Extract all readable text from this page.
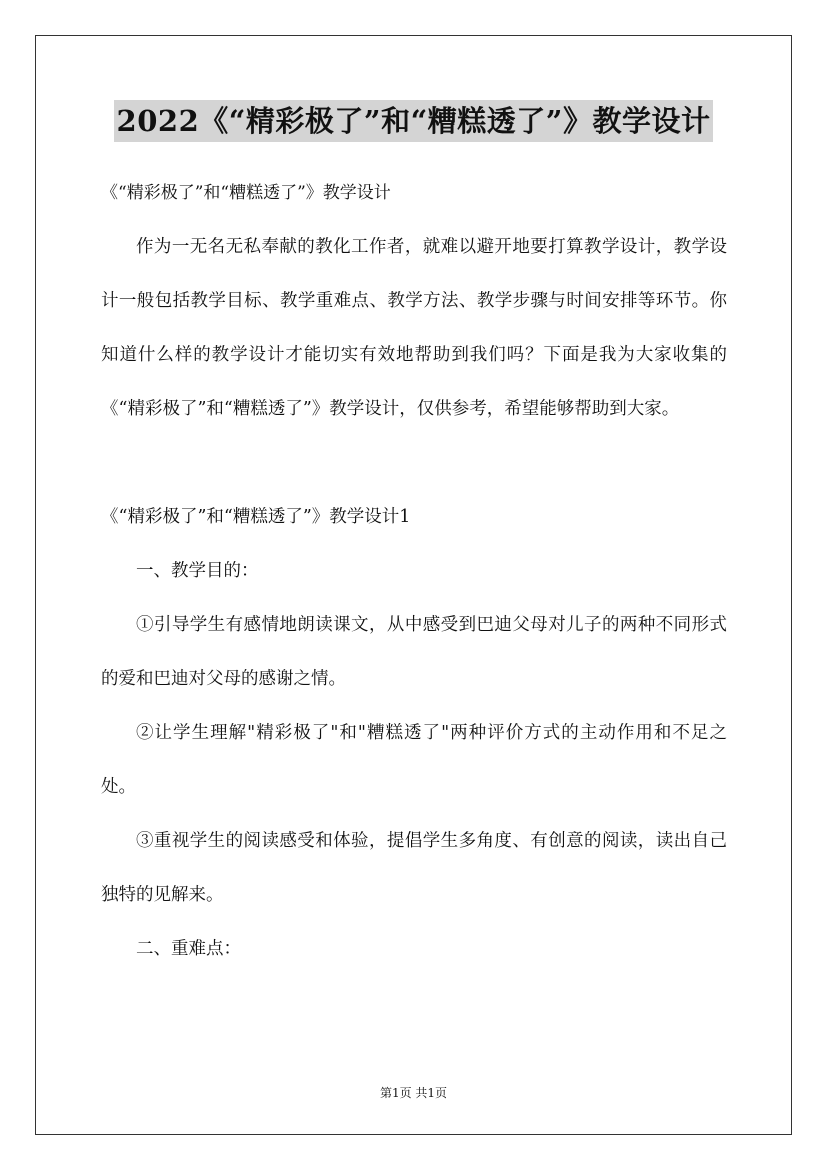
2022《“精彩极了”和“糟糕透了”》教学设计
《“精彩极了”和“糟糕透了”》教学设计

作为一无名无私奉献的教化工作者，就难以避开地要打算教学设计，教学设计一般包括教学目标、教学重难点、教学方法、教学步骤与时间安排等环节。你知道什么样的教学设计才能切实有效地帮助到我们吗？下面是我为大家收集的《“精彩极了”和“糟糕透了”》教学设计，仅供参考，希望能够帮助到大家。

《“精彩极了”和“糟糕透了”》教学设计1

一、教学目的：

①引导学生有感情地朗读课文，从中感受到巴迪父母对儿子的两种不同形式的爱和巴迪对父母的感谢之情。

②让学生理解"精彩极了"和"糟糕透了"两种评价方式的主动作用和不足之处。

③重视学生的阅读感受和体验，提倡学生多角度、有创意的阅读，读出自己独特的见解来。

二、重难点：

第1页 共1页
